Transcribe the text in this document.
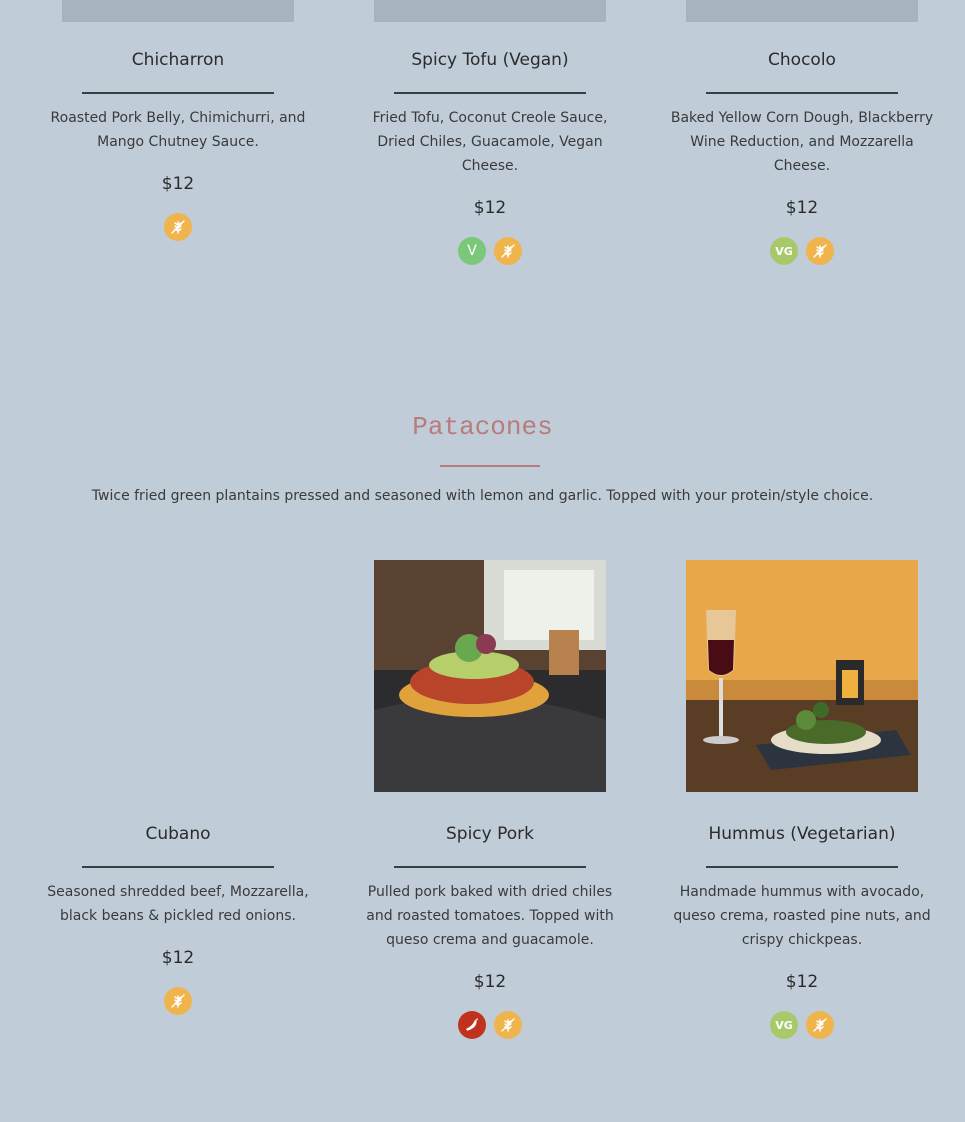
Chicharron
Roasted Pork Belly, Chimichurri, and Mango Chutney Sauce.
$12
Spicy Tofu (Vegan)
Fried Tofu, Coconut Creole Sauce, Dried Chiles, Guacamole, Vegan Cheese.
$12
V
Chocolo
Baked Yellow Corn Dough, Blackberry Wine Reduction, and Mozzarella Cheese.
$12
VG
Patacones
Twice fried green plantains pressed and seasoned with lemon and garlic. Topped with your protein/style choice.
Cubano
Seasoned shredded beef, Mozzarella, black beans & pickled red onions.
$12
Spicy Pork
Pulled pork baked with dried chiles and roasted tomatoes. Topped with queso crema and guacamole.
$12
Hummus (Vegetarian)
Handmade hummus with avocado, queso crema, roasted pine nuts, and crispy chickpeas.
$12
VG
